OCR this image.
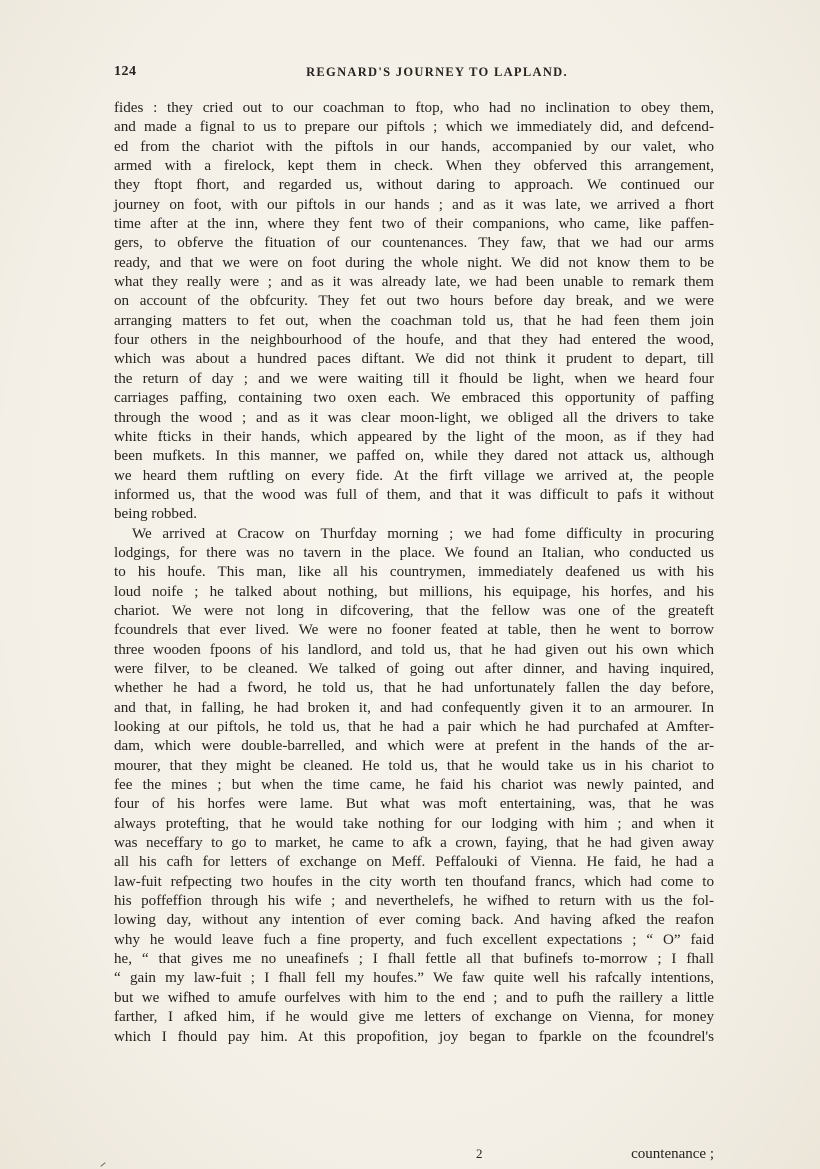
124	REGNARD'S JOURNEY TO LAPLAND.
fides : they cried out to our coachman to ftop, who had no inclination to obey them,
and made a fignal to us to prepare our piftols ; which we immediately did, and defcend-
ed from the chariot with the piftols in our hands, accompanied by our valet, who
armed with a firelock, kept them in check. When they obferved this arrangement,
they ftopt fhort, and regarded us, without daring to approach. We continued our
journey on foot, with our piftols in our hands ; and as it was late, we arrived a fhort
time after at the inn, where they fent two of their companions, who came, like paffen-
gers, to obferve the fituation of our countenances. They faw, that we had our arms
ready, and that we were on foot during the whole night. We did not know them to be
what they really were ; and as it was already late, we had been unable to remark them
on account of the obfcurity. They fet out two hours before day break, and we were
arranging matters to fet out, when the coachman told us, that he had feen them join
four others in the neighbourhood of the houfe, and that they had entered the wood,
which was about a hundred paces diftant. We did not think it prudent to depart, till
the return of day ; and we were waiting till it fhould be light, when we heard four
carriages paffing, containing two oxen each. We embraced this opportunity of paffing
through the wood ; and as it was clear moon-light, we obliged all the drivers to take
white fticks in their hands, which appeared by the light of the moon, as if they had
been mufkets. In this manner, we paffed on, while they dared not attack us, although
we heard them ruftling on every fide. At the firft village we arrived at, the people
informed us, that the wood was full of them, and that it was difficult to pafs it without
being robbed.
We arrived at Cracow on Thurfday morning ; we had fome difficulty in procuring
lodgings, for there was no tavern in the place. We found an Italian, who conducted us
to his houfe. This man, like all his countrymen, immediately deafened us with his
loud noife ; he talked about nothing, but millions, his equipage, his horfes, and his
chariot. We were not long in difcovering, that the fellow was one of the greateft
fcoundrels that ever lived. We were no fooner feated at table, then he went to borrow
three wooden fpoons of his landlord, and told us, that he had given out his own which
were filver, to be cleaned. We talked of going out after dinner, and having inquired,
whether he had a fword, he told us, that he had unfortunately fallen the day before,
and that, in falling, he had broken it, and had confequently given it to an armourer. In
looking at our piftols, he told us, that he had a pair which he had purchafed at Amfter-
dam, which were double-barrelled, and which were at prefent in the hands of the ar-
mourer, that they might be cleaned. He told us, that he would take us in his chariot to
fee the mines ; but when the time came, he faid his chariot was newly painted, and
four of his horfes were lame. But what was moft entertaining, was, that he was
always protefting, that he would take nothing for our lodging with him ; and when it
was neceffary to go to market, he came to afk a crown, faying, that he had given away
all his cafh for letters of exchange on Meff. Peffalouki of Vienna. He faid, he had a
law-fuit refpecting two houfes in the city worth ten thoufand francs, which had come to
his poffeffion through his wife ; and neverthelefs, he wifhed to return with us the fol-
lowing day, without any intention of ever coming back. And having afked the reafon
why he would leave fuch a fine property, and fuch excellent expectations ; “ O” faid
he, “ that gives me no uneafinefs ; I fhall fettle all that bufinefs to-morrow ; I fhall
“ gain my law-fuit ; I fhall fell my houfes.” We faw quite well his rafcally intentions,
but we wifhed to amufe ourfelves with him to the end ; and to pufh the raillery a little
farther, I afked him, if he would give me letters of exchange on Vienna, for money
which I fhould pay him. At this propofition, joy began to fparkle on the fcoundrel's
2	countenance ;
